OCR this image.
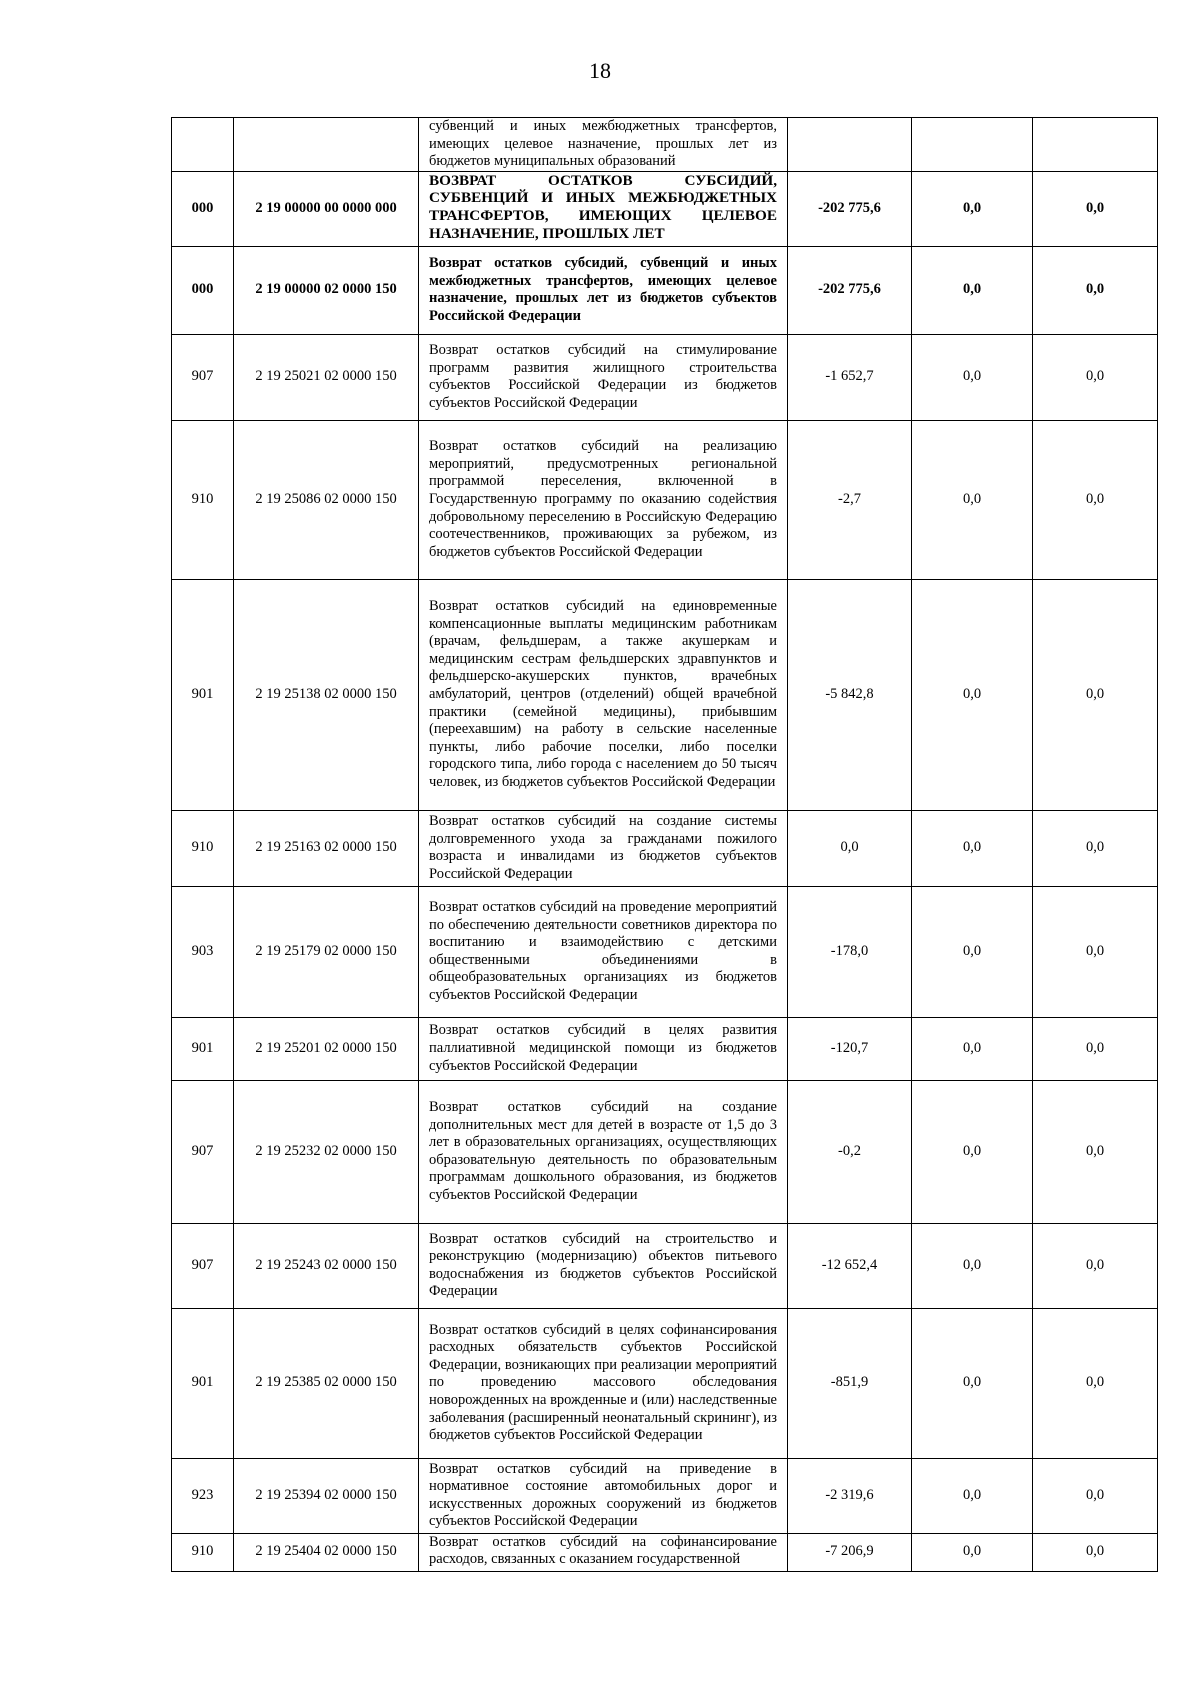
18
		субвенций и иных межбюджетных трансфертов, имеющих целевое назначение, прошлых лет из бюджетов муниципальных образований			
000	2 19 00000 00 0000 000	ВОЗВРАТ ОСТАТКОВ СУБСИДИЙ, СУБВЕНЦИЙ И ИНЫХ МЕЖБЮДЖЕТНЫХ ТРАНСФЕРТОВ, ИМЕЮЩИХ ЦЕЛЕВОЕ НАЗНАЧЕНИЕ, ПРОШЛЫХ ЛЕТ	-202 775,6	0,0	0,0
000	2 19 00000 02 0000 150	Возврат остатков субсидий, субвенций и иных межбюджетных трансфертов, имеющих целевое назначение, прошлых лет из бюджетов субъектов Российской Федерации	-202 775,6	0,0	0,0
907	2 19 25021 02 0000 150	Возврат остатков субсидий на стимулирование программ развития жилищного строительства субъектов Российской Федерации из бюджетов субъектов Российской Федерации	-1 652,7	0,0	0,0
910	2 19 25086 02 0000 150	Возврат остатков субсидий на реализацию мероприятий, предусмотренных региональной программой переселения, включенной в Государственную программу по оказанию содействия добровольному переселению в Российскую Федерацию соотечественников, проживающих за рубежом, из бюджетов субъектов Российской Федерации	-2,7	0,0	0,0
901	2 19 25138 02 0000 150	Возврат остатков субсидий на единовременные компенсационные выплаты медицинским работникам (врачам, фельдшерам, а также акушеркам и медицинским сестрам фельдшерских здравпунктов и фельдшерско-акушерских пунктов, врачебных амбулаторий, центров (отделений) общей врачебной практики (семейной медицины), прибывшим (переехавшим) на работу в сельские населенные пункты, либо рабочие поселки, либо поселки городского типа, либо города с населением до 50 тысяч человек, из бюджетов субъектов Российской Федерации	-5 842,8	0,0	0,0
910	2 19 25163 02 0000 150	Возврат остатков субсидий на создание системы долговременного ухода за гражданами пожилого возраста и инвалидами из бюджетов субъектов Российской Федерации	0,0	0,0	0,0
903	2 19 25179 02 0000 150	Возврат остатков субсидий на проведение мероприятий по обеспечению деятельности советников директора по воспитанию и взаимодействию с детскими общественными объединениями в общеобразовательных организациях из бюджетов субъектов Российской Федерации	-178,0	0,0	0,0
901	2 19 25201 02 0000 150	Возврат остатков субсидий в целях развития паллиативной медицинской помощи из бюджетов субъектов Российской Федерации	-120,7	0,0	0,0
907	2 19 25232 02 0000 150	Возврат остатков субсидий на создание дополнительных мест для детей в возрасте от 1,5 до 3 лет в образовательных организациях, осуществляющих образовательную деятельность по образовательным программам дошкольного образования, из бюджетов субъектов Российской Федерации	-0,2	0,0	0,0
907	2 19 25243 02 0000 150	Возврат остатков субсидий на строительство и реконструкцию (модернизацию) объектов питьевого водоснабжения из бюджетов субъектов Российской Федерации	-12 652,4	0,0	0,0
901	2 19 25385 02 0000 150	Возврат остатков субсидий в целях софинансирования расходных обязательств субъектов Российской Федерации, возникающих при реализации мероприятий по проведению массового обследования новорожденных на врожденные и (или) наследственные заболевания (расширенный неонатальный скрининг), из бюджетов субъектов Российской Федерации	-851,9	0,0	0,0
923	2 19 25394 02 0000 150	Возврат остатков субсидий на приведение в нормативное состояние автомобильных дорог и искусственных дорожных сооружений из бюджетов субъектов Российской Федерации	-2 319,6	0,0	0,0
910	2 19 25404 02 0000 150	Возврат остатков субсидий на софинансирование расходов, связанных с оказанием государственной	-7 206,9	0,0	0,0
